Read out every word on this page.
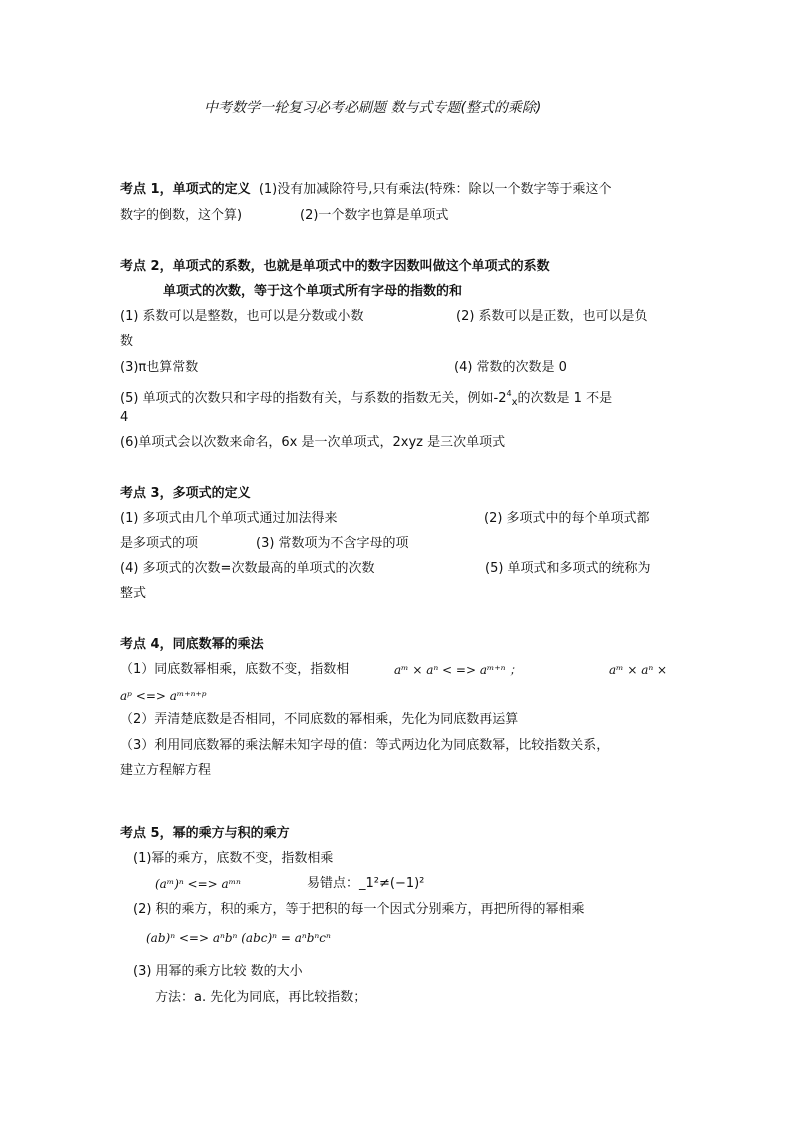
中考数学一轮复习必考必刷题 数与式专题(整式的乘除)
考点 1，单项式的定义 (1)没有加减除符号,只有乘法(特殊：除以一个数字等于乘这个
数字的倒数，这个算)	(2)一个数字也算是单项式
考点 2，单项式的系数，也就是单项式中的数字因数叫做这个单项式的系数
单项式的次数，等于这个单项式所有字母的指数的和
(1) 系数可以是整数，也可以是分数或小数	(2) 系数可以是正数，也可以是负
数
(3)π也算常数	(4) 常数的次数是 0
(5) 单项式的次数只和字母的指数有关，与系数的指数无关，例如$-2^4_x$的次数是 1 不是
4
(6)单项式会以次数来命名，6x 是一次单项式，2xyz 是三次单项式
考点 3，多项式的定义
(1) 多项式由几个单项式通过加法得来	(2) 多项式中的每个单项式都
是多项式的项	(3) 常数项为不含字母的项
(4) 多项式的次数=次数最高的单项式的次数	(5) 单项式和多项式的统称为
整式
考点 4，同底数幂的乘法
（1）同底数幂相乘，底数不变，指数相	𝑎ᵐ × 𝑎ⁿ < => 𝑎ᵐ⁺ⁿ ；	𝑎ᵐ × 𝑎ⁿ ×
𝑎ᵖ <=> 𝑎ᵐ⁺ⁿ⁺ᵖ
（2）弄清楚底数是否相同，不同底数的幂相乘，先化为同底数再运算
（3）利用同底数幂的乘法解未知字母的值：等式两边化为同底数幂，比较指数关系，
建立方程解方程
考点 5，幂的乘方与积的乘方
(1)幂的乘方，底数不变，指数相乘
(𝑎ᵐ)ⁿ <=> 𝑎ᵐⁿ	易错点：_1²≠(−1)²
(2) 积的乘方，积的乘方，等于把积的每一个因式分别乘方，再把所得的幂相乘
(ab)ⁿ <=> 𝑎ⁿ𝑏ⁿ (𝑎𝑏𝑐)ⁿ = 𝑎ⁿ𝑏ⁿ𝑐ⁿ
(3) 用幂的乘方比较 数的大小
方法：a. 先化为同底，再比较指数；
